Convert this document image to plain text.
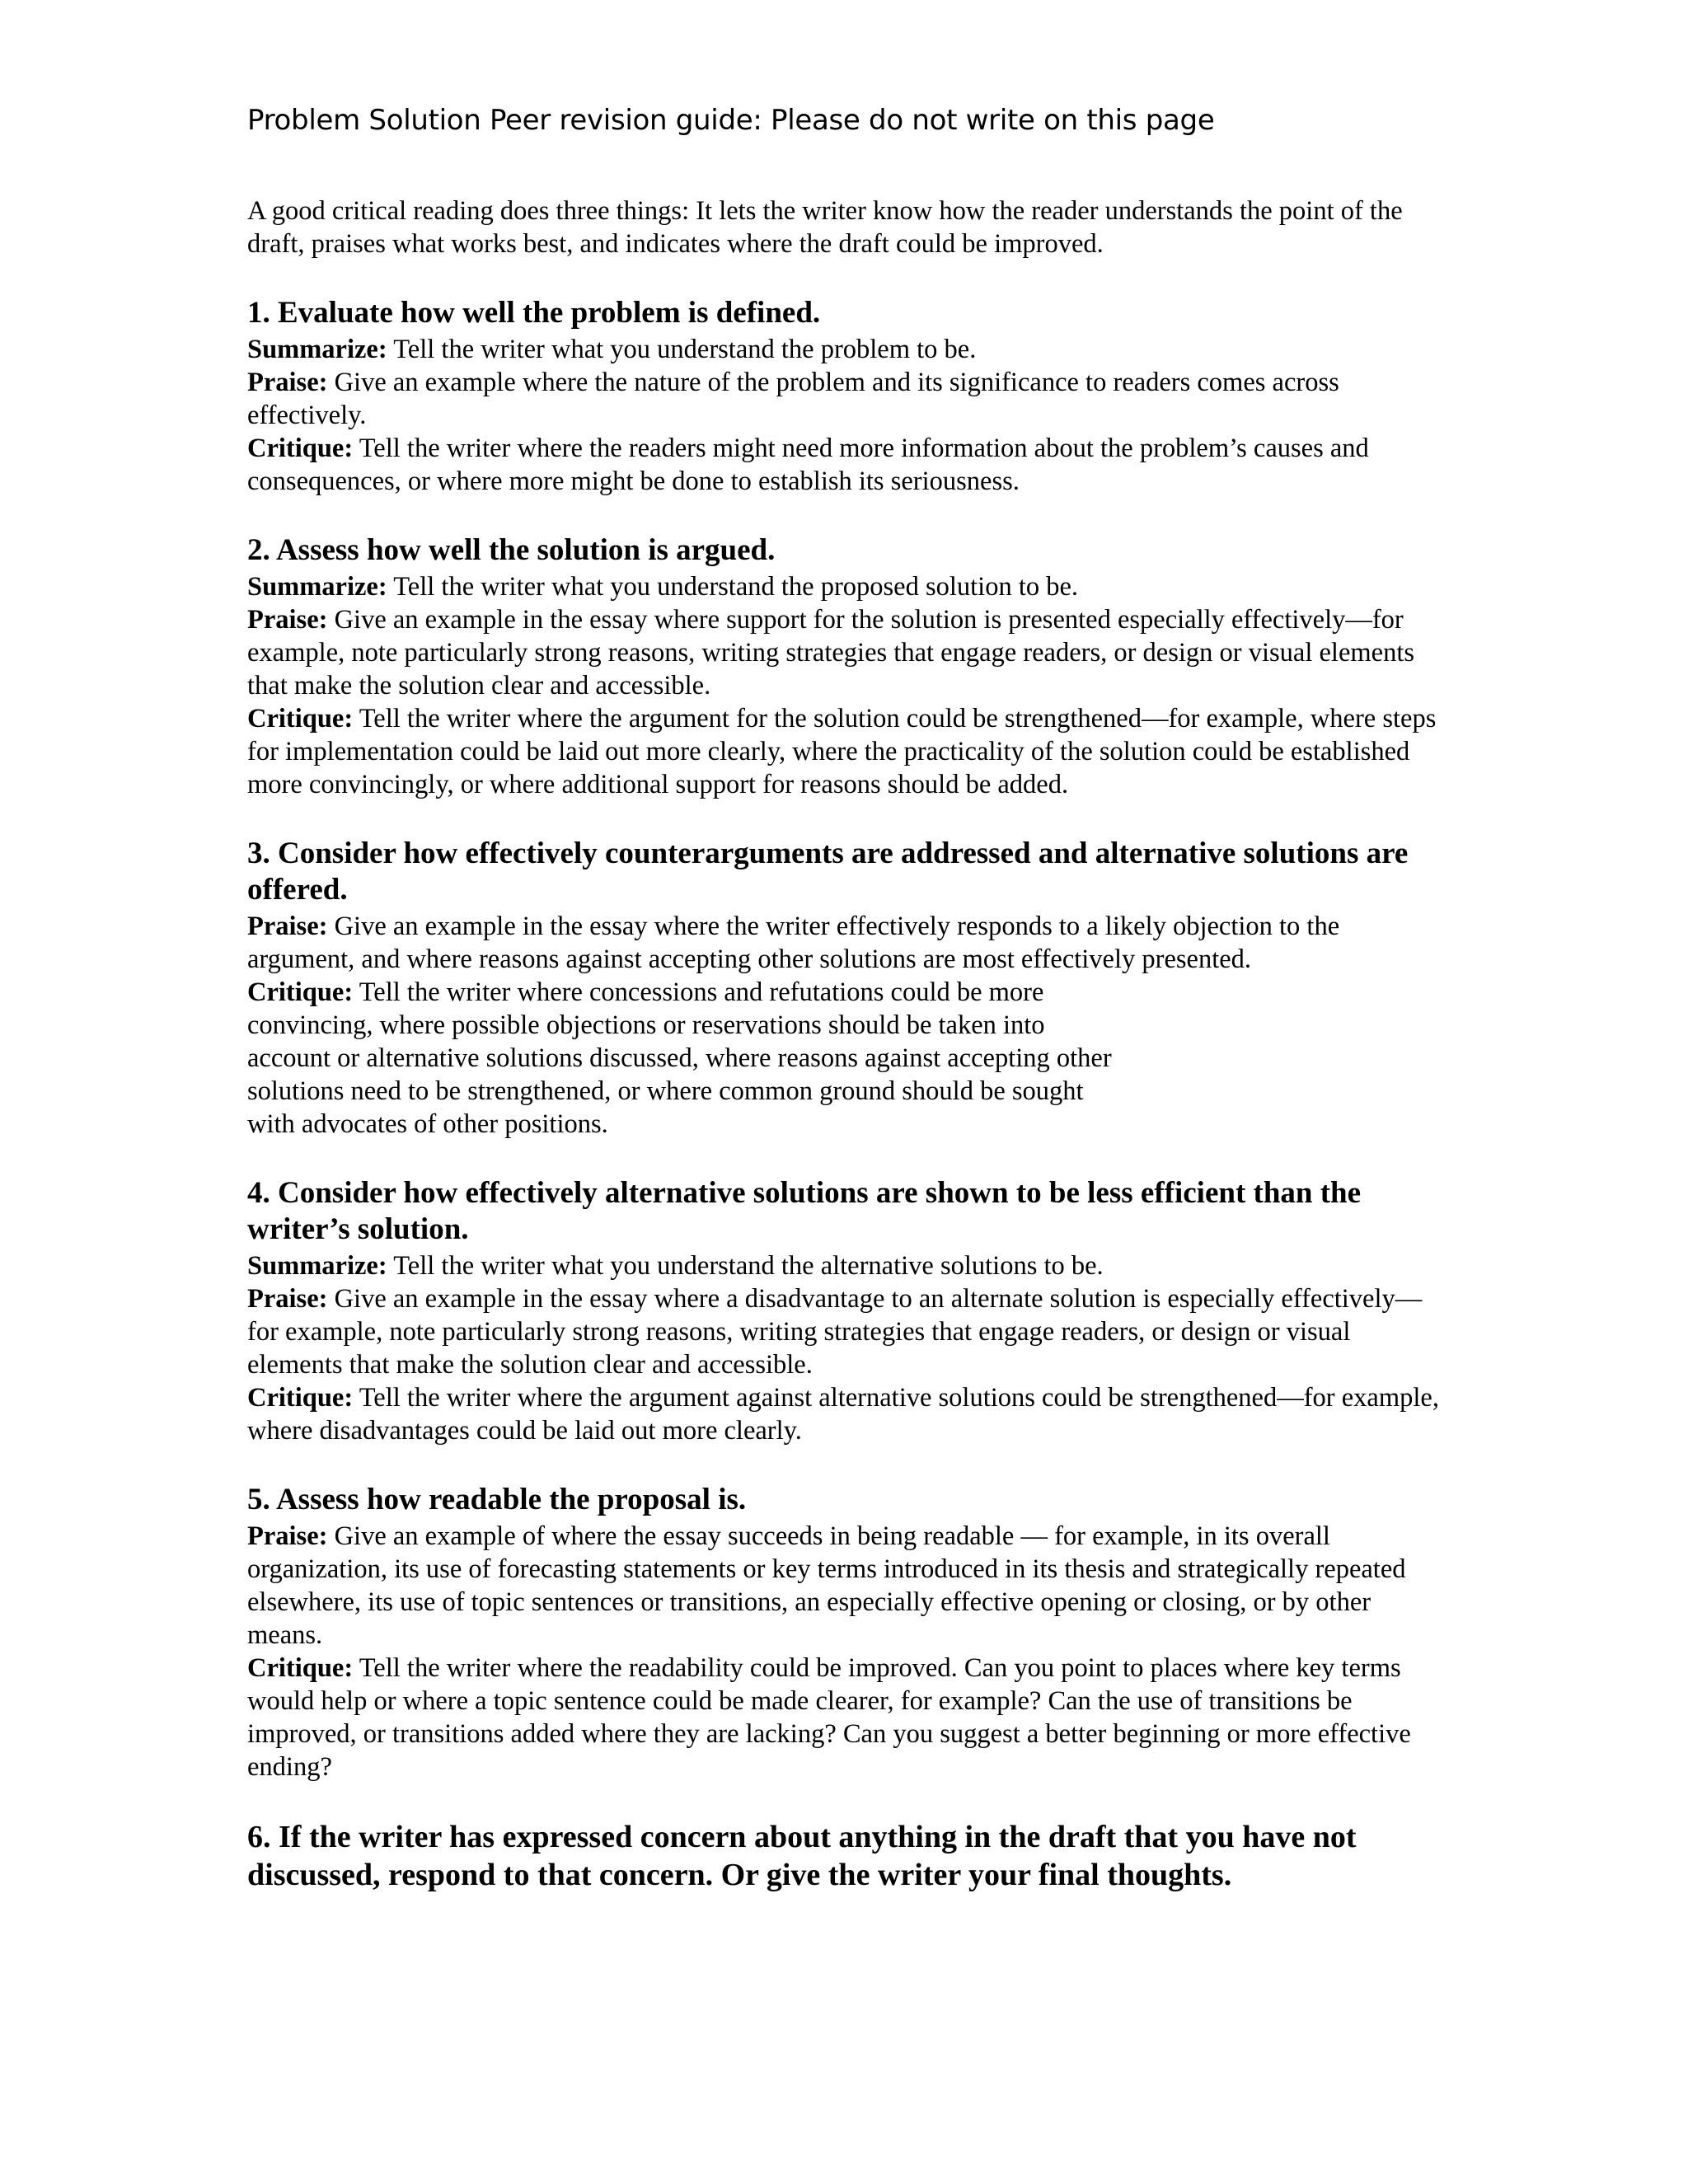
Problem Solution Peer revision guide: Please do not write on this page

A good critical reading does three things: It lets the writer know how the reader understands the point of the draft, praises what works best, and indicates where the draft could be improved.

1. Evaluate how well the problem is defined.

Summarize: Tell the writer what you understand the problem to be.

Praise: Give an example where the nature of the problem and its significance to readers comes across effectively.

Critique: Tell the writer where the readers might need more information about the problem’s causes and consequences, or where more might be done to establish its seriousness.

2. Assess how well the solution is argued.

Summarize: Tell the writer what you understand the proposed solution to be.

Praise: Give an example in the essay where support for the solution is presented especially effectively—for example, note particularly strong reasons, writing strategies that engage readers, or design or visual elements that make the solution clear and accessible.

Critique: Tell the writer where the argument for the solution could be strengthened—for example, where steps for implementation could be laid out more clearly, where the practicality of the solution could be established more convincingly, or where additional support for reasons should be added.

3. Consider how effectively counterarguments are addressed and alternative solutions are offered.

Praise: Give an example in the essay where the writer effectively responds to a likely objection to the argument, and where reasons against accepting other solutions are most effectively presented.

Critique: Tell the writer where concessions and refutations could be more convincing, where possible objections or reservations should be taken into account or alternative solutions discussed, where reasons against accepting other solutions need to be strengthened, or where common ground should be sought with advocates of other positions.

4. Consider how effectively alternative solutions are shown to be less efficient than the writer’s solution.

Summarize: Tell the writer what you understand the alternative solutions to be.

Praise: Give an example in the essay where a disadvantage to an alternate solution is especially effectively—for example, note particularly strong reasons, writing strategies that engage readers, or design or visual elements that make the solution clear and accessible.

Critique: Tell the writer where the argument against alternative solutions could be strengthened—for example, where disadvantages could be laid out more clearly.

5. Assess how readable the proposal is.

Praise: Give an example of where the essay succeeds in being readable — for example, in its overall organization, its use of forecasting statements or key terms introduced in its thesis and strategically repeated elsewhere, its use of topic sentences or transitions, an especially effective opening or closing, or by other means.

Critique: Tell the writer where the readability could be improved. Can you point to places where key terms would help or where a topic sentence could be made clearer, for example? Can the use of transitions be improved, or transitions added where they are lacking? Can you suggest a better beginning or more effective ending?

6. If the writer has expressed concern about anything in the draft that you have not discussed, respond to that concern. Or give the writer your final thoughts.
